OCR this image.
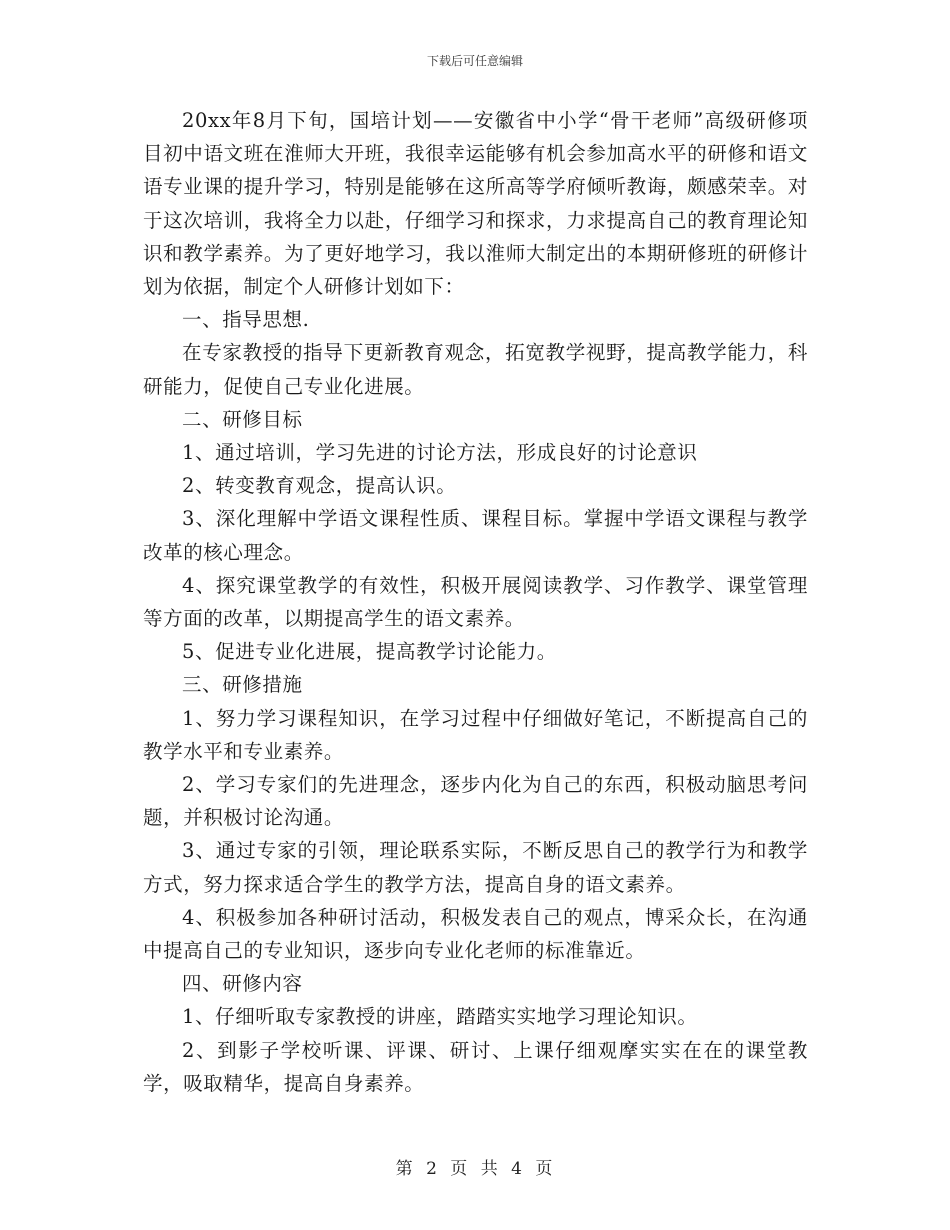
下载后可任意编辑

20xx年8月下旬，国培计划——安徽省中小学“骨干老师”高级研修项目初中语文班在淮师大开班，我很幸运能够有机会参加高水平的研修和语文语专业课的提升学习，特别是能够在这所高等学府倾听教诲，颇感荣幸。对于这次培训，我将全力以赴，仔细学习和探求，力求提高自己的教育理论知识和教学素养。为了更好地学习，我以淮师大制定出的本期研修班的研修计划为依据，制定个人研修计划如下：

一、指导思想.

在专家教授的指导下更新教育观念，拓宽教学视野，提高教学能力，科研能力，促使自己专业化进展。

二、研修目标

1、通过培训，学习先进的讨论方法，形成良好的讨论意识

2、转变教育观念，提高认识。

3、深化理解中学语文课程性质、课程目标。掌握中学语文课程与教学改革的核心理念。

4、探究课堂教学的有效性，积极开展阅读教学、习作教学、课堂管理等方面的改革，以期提高学生的语文素养。

5、促进专业化进展，提高教学讨论能力。

三、研修措施

1、努力学习课程知识，在学习过程中仔细做好笔记，不断提高自己的教学水平和专业素养。

2、学习专家们的先进理念，逐步内化为自己的东西，积极动脑思考问题，并积极讨论沟通。

3、通过专家的引领，理论联系实际，不断反思自己的教学行为和教学方式，努力探求适合学生的教学方法，提高自身的语文素养。

4、积极参加各种研讨活动，积极发表自己的观点，博采众长，在沟通中提高自己的专业知识，逐步向专业化老师的标准靠近。

四、研修内容

1、仔细听取专家教授的讲座，踏踏实实地学习理论知识。

2、到影子学校听课、评课、研讨、上课仔细观摩实实在在的课堂教学，吸取精华，提高自身素养。

第 2 页 共 4 页
